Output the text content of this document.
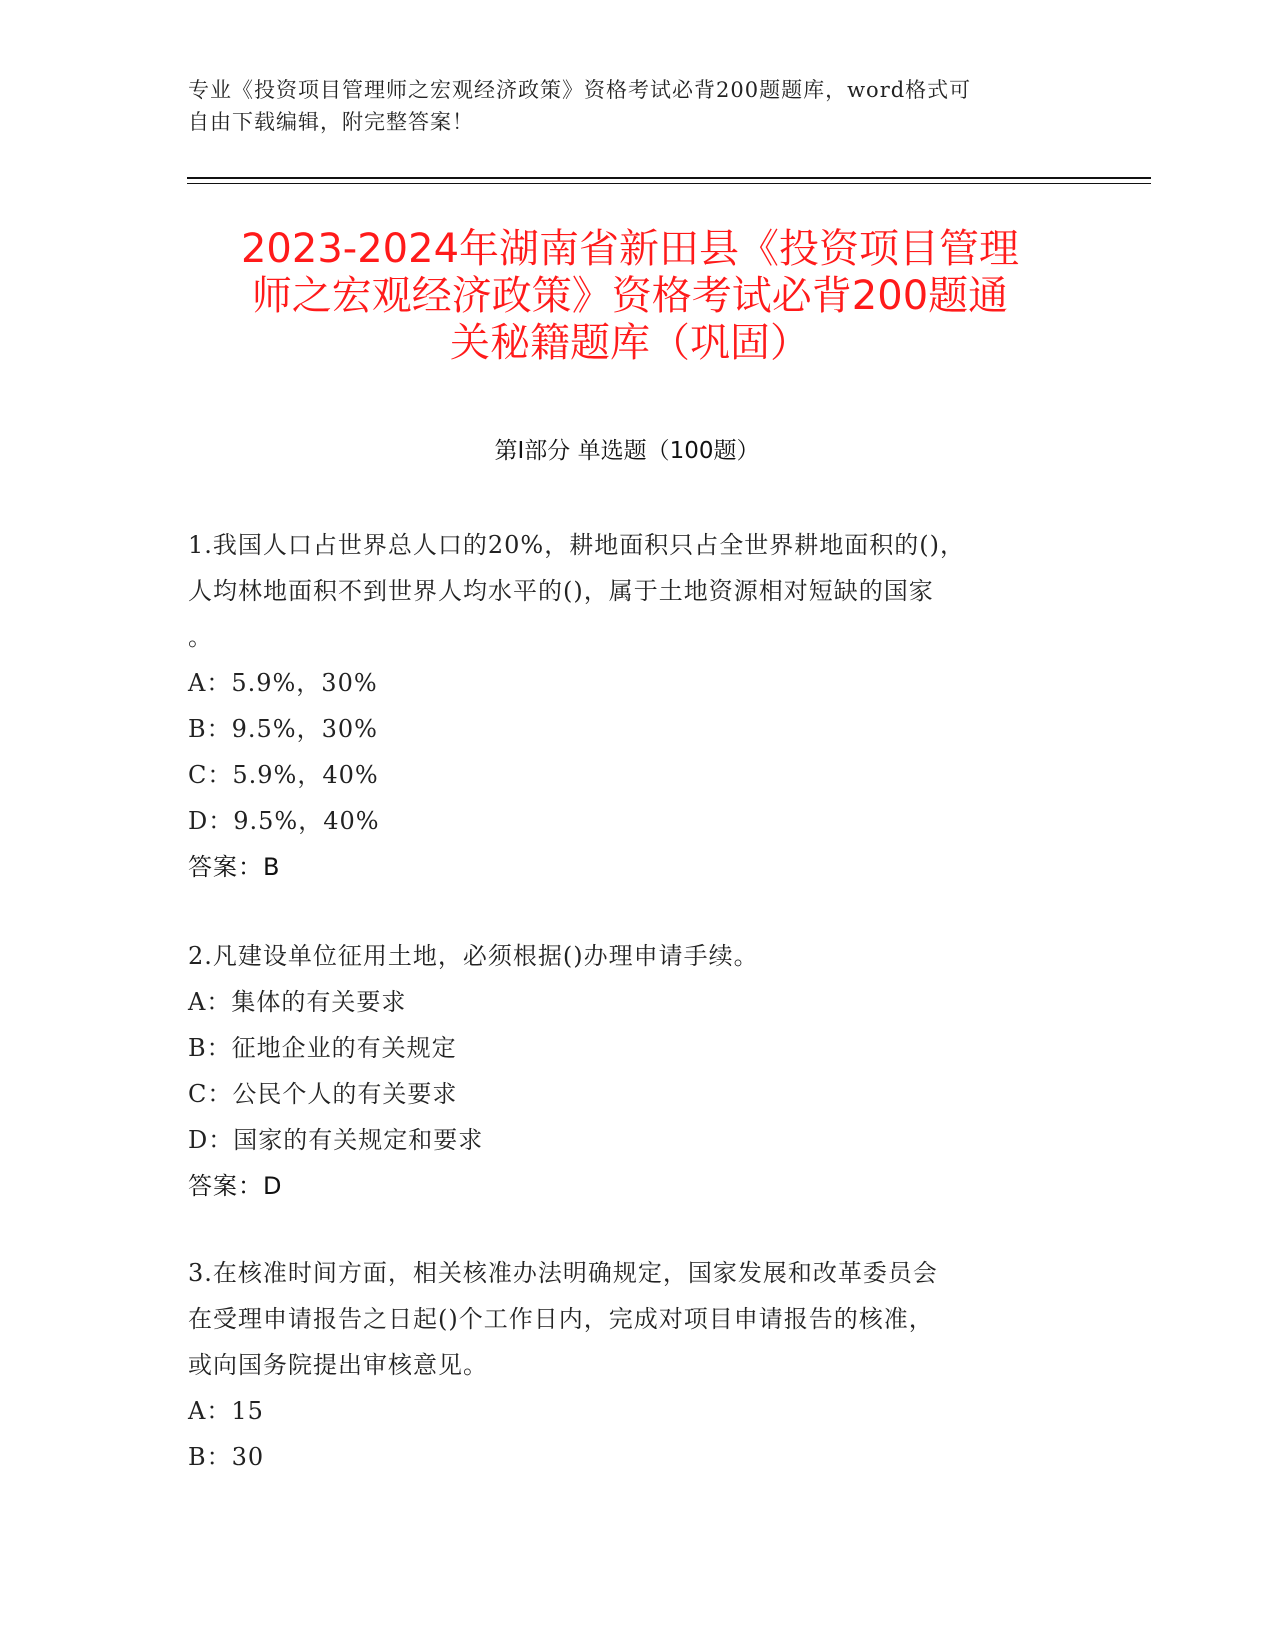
专业《投资项目管理师之宏观经济政策》资格考试必背200题题库，word格式可
自由下载编辑，附完整答案！
2023-2024年湖南省新田县《投资项目管理
师之宏观经济政策》资格考试必背200题通
关秘籍题库（巩固）
第Ⅰ部分 单选题（100题）
1.我国人口占世界总人口的20%，耕地面积只占全世界耕地面积的()，
人均林地面积不到世界人均水平的()，属于土地资源相对短缺的国家
。
A：5.9%，30%
B：9.5%，30%
C：5.9%，40%
D：9.5%，40%
答案：B
2.凡建设单位征用土地，必须根据()办理申请手续。
A：集体的有关要求
B：征地企业的有关规定
C：公民个人的有关要求
D：国家的有关规定和要求
答案：D
3.在核准时间方面，相关核准办法明确规定，国家发展和改革委员会
在受理申请报告之日起()个工作日内，完成对项目申请报告的核准，
或向国务院提出审核意见。
A：15
B：30
